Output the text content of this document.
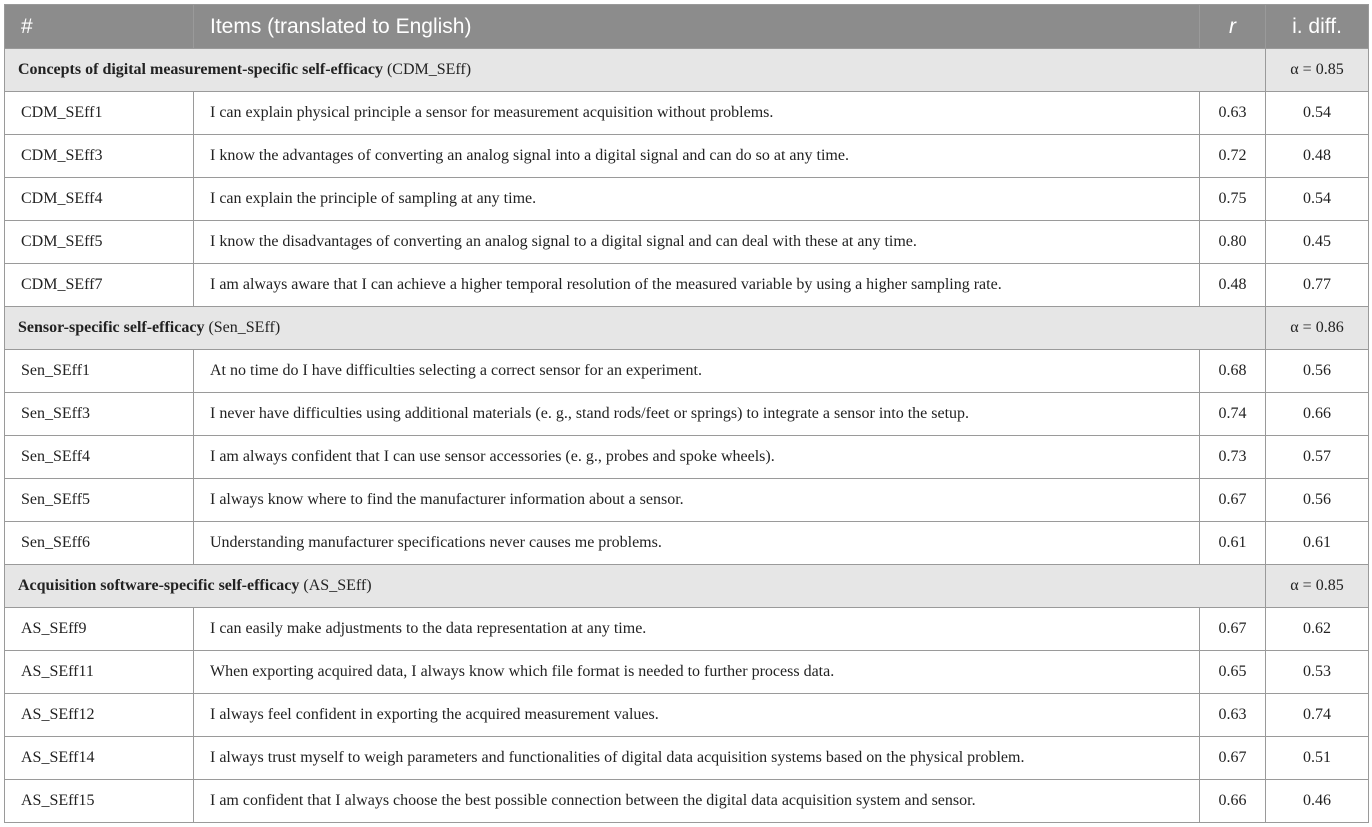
#	Items (translated to English)	r	i. diff.
Concepts of digital measurement-specific self-efficacy (CDM_SEff)			α = 0.85
CDM_SEff1	I can explain physical principle a sensor for measurement acquisition without problems.	0.63	0.54
CDM_SEff3	I know the advantages of converting an analog signal into a digital signal and can do so at any time.	0.72	0.48
CDM_SEff4	I can explain the principle of sampling at any time.	0.75	0.54
CDM_SEff5	I know the disadvantages of converting an analog signal to a digital signal and can deal with these at any time.	0.80	0.45
CDM_SEff7	I am always aware that I can achieve a higher temporal resolution of the measured variable by using a higher sampling rate.	0.48	0.77
Sensor-specific self-efficacy (Sen_SEff)			α = 0.86
Sen_SEff1	At no time do I have difficulties selecting a correct sensor for an experiment.	0.68	0.56
Sen_SEff3	I never have difficulties using additional materials (e. g., stand rods/feet or springs) to integrate a sensor into the setup.	0.74	0.66
Sen_SEff4	I am always confident that I can use sensor accessories (e. g., probes and spoke wheels).	0.73	0.57
Sen_SEff5	I always know where to find the manufacturer information about a sensor.	0.67	0.56
Sen_SEff6	Understanding manufacturer specifications never causes me problems.	0.61	0.61
Acquisition software-specific self-efficacy (AS_SEff)			α = 0.85
AS_SEff9	I can easily make adjustments to the data representation at any time.	0.67	0.62
AS_SEff11	When exporting acquired data, I always know which file format is needed to further process data.	0.65	0.53
AS_SEff12	I always feel confident in exporting the acquired measurement values.	0.63	0.74
AS_SEff14	I always trust myself to weigh parameters and functionalities of digital data acquisition systems based on the physical problem.	0.67	0.51
AS_SEff15	I am confident that I always choose the best possible connection between the digital data acquisition system and sensor.	0.66	0.46
